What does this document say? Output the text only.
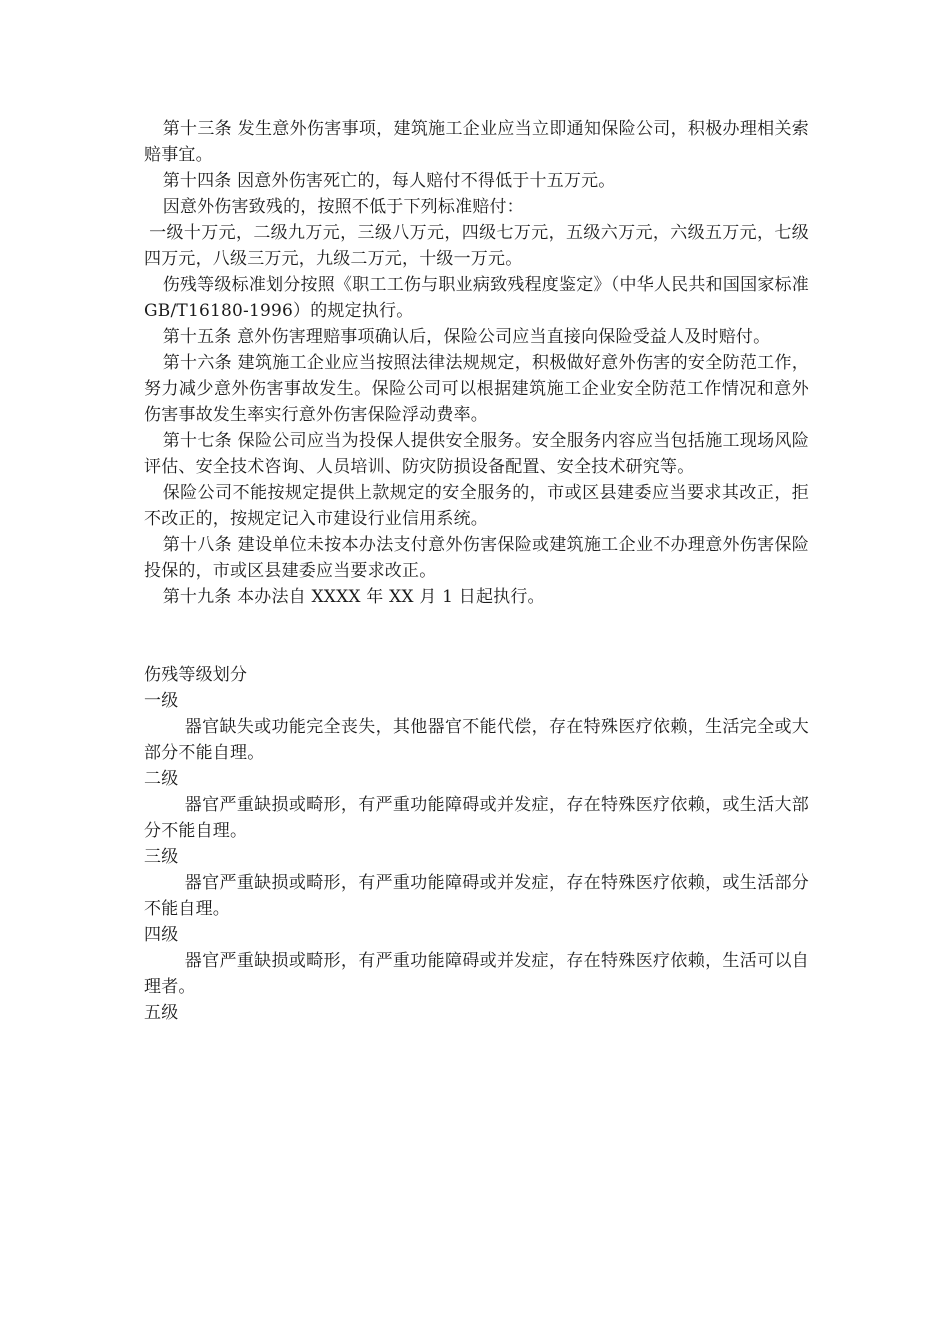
第十三条 发生意外伤害事项，建筑施工企业应当立即通知保险公司，积极办理相关索赔事宜。

第十四条 因意外伤害死亡的，每人赔付不得低于十五万元。

因意外伤害致残的，按照不低于下列标准赔付：

一级十万元，二级九万元，三级八万元，四级七万元，五级六万元，六级五万元，七级四万元，八级三万元，九级二万元，十级一万元。

伤残等级标准划分按照《职工工伤与职业病致残程度鉴定》（中华人民共和国国家标准 GB/T16180-1996）的规定执行。

第十五条 意外伤害理赔事项确认后，保险公司应当直接向保险受益人及时赔付。

第十六条 建筑施工企业应当按照法律法规规定，积极做好意外伤害的安全防范工作，努力减少意外伤害事故发生。保险公司可以根据建筑施工企业安全防范工作情况和意外伤害事故发生率实行意外伤害保险浮动费率。

第十七条 保险公司应当为投保人提供安全服务。安全服务内容应当包括施工现场风险评估、安全技术咨询、人员培训、防灾防损设备配置、安全技术研究等。

保险公司不能按规定提供上款规定的安全服务的，市或区县建委应当要求其改正，拒不改正的，按规定记入市建设行业信用系统。

第十八条 建设单位未按本办法支付意外伤害保险或建筑施工企业不办理意外伤害保险投保的，市或区县建委应当要求改正。

第十九条 本办法自 XXXX 年 XX 月 1 日起执行。

伤残等级划分

一级

器官缺失或功能完全丧失，其他器官不能代偿，存在特殊医疗依赖，生活完全或大部分不能自理。

二级

器官严重缺损或畸形，有严重功能障碍或并发症，存在特殊医疗依赖，或生活大部分不能自理。

三级

器官严重缺损或畸形，有严重功能障碍或并发症，存在特殊医疗依赖，或生活部分不能自理。

四级

器官严重缺损或畸形，有严重功能障碍或并发症，存在特殊医疗依赖，生活可以自理者。

五级
